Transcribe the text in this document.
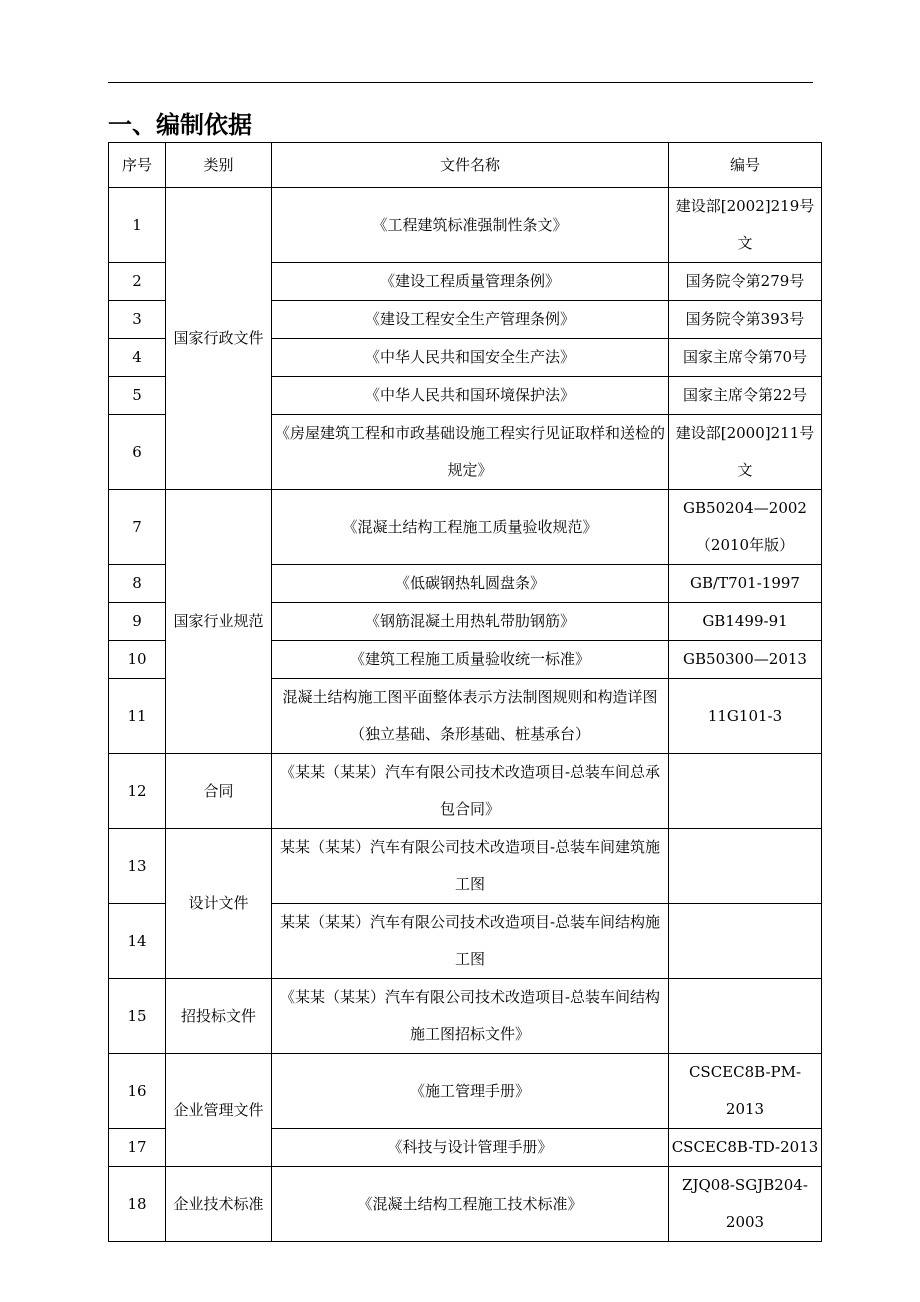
一、编制依据
序号	类别	文件名称	编号
1	国家行政文件	《工程建筑标准强制性条文》	建设部[2002]219号文
2		《建设工程质量管理条例》	国务院令第279号
3		《建设工程安全生产管理条例》	国务院令第393号
4		《中华人民共和国安全生产法》	国家主席令第70号
5		《中华人民共和国环境保护法》	国家主席令第22号
6		《房屋建筑工程和市政基础设施工程实行见证取样和送检的规定》	建设部[2000]211号文
7	国家行业规范	《混凝土结构工程施工质量验收规范》	GB50204—2002（2010年版）
8		《低碳钢热轧圆盘条》	GB/T701-1997
9		《钢筋混凝土用热轧带肋钢筋》	GB1499-91
10		《建筑工程施工质量验收统一标准》	GB50300—2013
11		混凝土结构施工图平面整体表示方法制图规则和构造详图（独立基础、条形基础、桩基承台）	11G101-3
12	合同	《某某（某某）汽车有限公司技术改造项目-总装车间总承包合同》	
13	设计文件	某某（某某）汽车有限公司技术改造项目-总装车间建筑施工图	
14		某某（某某）汽车有限公司技术改造项目-总装车间结构施工图	
15	招投标文件	《某某（某某）汽车有限公司技术改造项目-总装车间结构施工图招标文件》	
16	企业管理文件	《施工管理手册》	CSCEC8B-PM-2013
17		《科技与设计管理手册》	CSCEC8B-TD-2013
18	企业技术标准	《混凝土结构工程施工技术标准》	ZJQ08-SGJB204-2003
